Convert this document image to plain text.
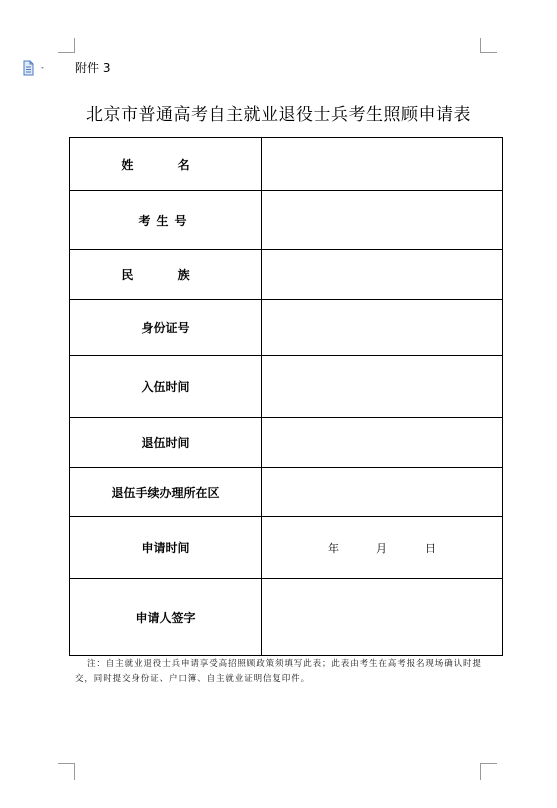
附件 3
北京市普通高考自主就业退役士兵考生照顾申请表
姓 名	
考生号	
民 族	
身份证号	
入伍时间	
退伍时间	
退伍手续办理所在区	
申请时间	年 月 日

申请人签字	
注：自主就业退役士兵申请享受高招照顾政策须填写此表；此表由考生在高考报名现场确认时提交，同时提交身份证、户口簿、自主就业证明信复印件。
